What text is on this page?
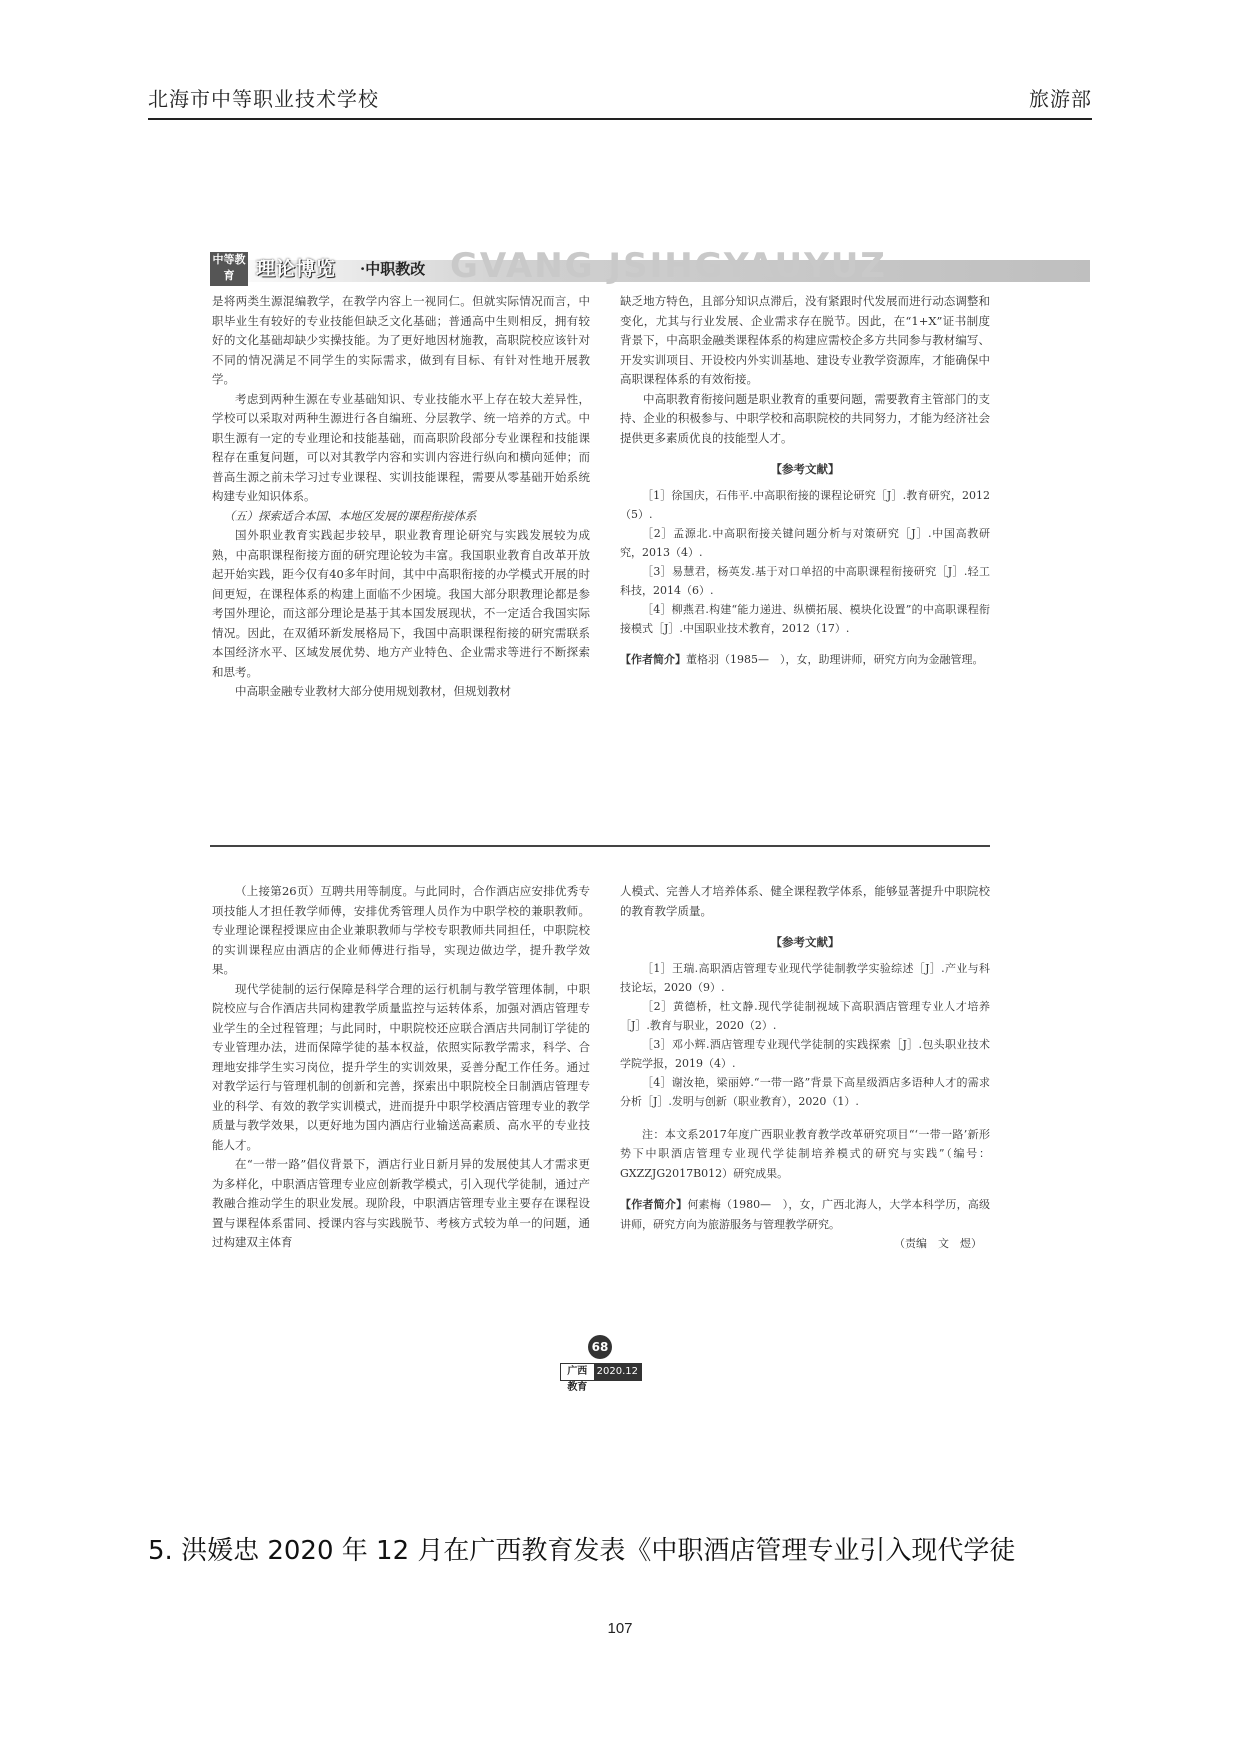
北海市中等职业技术学校	旅游部
GVANG JSIHGYAUYUZ
中等教育	理论博览 ·中职教改

是将两类生源混编教学，在教学内容上一视同仁。但就实际情况而言，中职毕业生有较好的专业技能但缺乏文化基础；普通高中生则相反，拥有较好的文化基础却缺少实操技能。为了更好地因材施教，高职院校应该针对不同的情况满足不同学生的实际需求，做到有目标、有针对性地开展教学。

考虑到两种生源在专业基础知识、专业技能水平上存在较大差异性，学校可以采取对两种生源进行各自编班、分层教学、统一培养的方式。中职生源有一定的专业理论和技能基础，而高职阶段部分专业课程和技能课程存在重复问题，可以对其教学内容和实训内容进行纵向和横向延伸；而普高生源之前未学习过专业课程、实训技能课程，需要从零基础开始系统构建专业知识体系。

（五）探索适合本国、本地区发展的课程衔接体系

国外职业教育实践起步较早，职业教育理论研究与实践发展较为成熟，中高职课程衔接方面的研究理论较为丰富。我国职业教育自改革开放起开始实践，距今仅有40多年时间，其中中高职衔接的办学模式开展的时间更短，在课程体系的构建上面临不少困境。我国大部分职教理论都是参考国外理论，而这部分理论是基于其本国发展现状，不一定适合我国实际情况。因此，在双循环新发展格局下，我国中高职课程衔接的研究需联系本国经济水平、区域发展优势、地方产业特色、企业需求等进行不断探索和思考。

中高职金融专业教材大部分使用规划教材，但规划教材

缺乏地方特色，且部分知识点滞后，没有紧跟时代发展而进行动态调整和变化，尤其与行业发展、企业需求存在脱节。因此，在“1+X”证书制度背景下，中高职金融类课程体系的构建应需校企多方共同参与教材编写、开发实训项目、开设校内外实训基地、建设专业教学资源库，才能确保中高职课程体系的有效衔接。

中高职教育衔接问题是职业教育的重要问题，需要教育主管部门的支持、企业的积极参与、中职学校和高职院校的共同努力，才能为经济社会提供更多素质优良的技能型人才。

【参考文献】

［1］徐国庆，石伟平.中高职衔接的课程论研究［J］.教育研究，2012（5）.

［2］孟源北.中高职衔接关键问题分析与对策研究［J］.中国高教研究，2013（4）.

［3］易慧君，杨英发.基于对口单招的中高职课程衔接研究［J］.轻工科技，2014（6）.

［4］柳燕君.构建“能力递进、纵横拓展、模块化设置”的中高职课程衔接模式［J］.中国职业技术教育，2012（17）.

【作者简介】董格羽（1985—　），女，助理讲师，研究方向为金融管理。

（上接第26页）互聘共用等制度。与此同时，合作酒店应安排优秀专项技能人才担任教学师傅，安排优秀管理人员作为中职学校的兼职教师。专业理论课程授课应由企业兼职教师与学校专职教师共同担任，中职院校的实训课程应由酒店的企业师傅进行指导，实现边做边学，提升教学效果。

现代学徒制的运行保障是科学合理的运行机制与教学管理体制，中职院校应与合作酒店共同构建教学质量监控与运转体系，加强对酒店管理专业学生的全过程管理；与此同时，中职院校还应联合酒店共同制订学徒的专业管理办法，进而保障学徒的基本权益，依照实际教学需求，科学、合理地安排学生实习岗位，提升学生的实训效果，妥善分配工作任务。通过对教学运行与管理机制的创新和完善，探索出中职院校全日制酒店管理专业的科学、有效的教学实训模式，进而提升中职学校酒店管理专业的教学质量与教学效果，以更好地为国内酒店行业输送高素质、高水平的专业技能人才。

在“一带一路”倡仪背景下，酒店行业日新月异的发展使其人才需求更为多样化，中职酒店管理专业应创新教学模式，引入现代学徒制，通过产教融合推动学生的职业发展。现阶段，中职酒店管理专业主要存在课程设置与课程体系雷同、授课内容与实践脱节、考核方式较为单一的问题，通过构建双主体育

人模式、完善人才培养体系、健全课程教学体系，能够显著提升中职院校的教育教学质量。

【参考文献】

［1］王瑞.高职酒店管理专业现代学徒制教学实验综述［J］.产业与科技论坛，2020（9）.

［2］黄德桥，杜文静.现代学徒制视域下高职酒店管理专业人才培养［J］.教育与职业，2020（2）.

［3］邓小辉.酒店管理专业现代学徒制的实践探索［J］.包头职业技术学院学报，2019（4）.

［4］谢汝艳，梁丽婷.“一带一路”背景下高星级酒店多语种人才的需求分析［J］.发明与创新（职业教育），2020（1）.

注：本文系2017年度广西职业教育教学改革研究项目“‘一带一路’新形势下中职酒店管理专业现代学徒制培养模式的研究与实践”（编号：GXZZJG2017B012）研究成果。

【作者简介】何素梅（1980—　），女，广西北海人，大学本科学历，高级讲师，研究方向为旅游服务与管理教学研究。

（责编　文　煜）

68
广西教育
2020.12
5. 洪媛忠 2020 年 12 月在广西教育发表《中职酒店管理专业引入现代学徒
107
